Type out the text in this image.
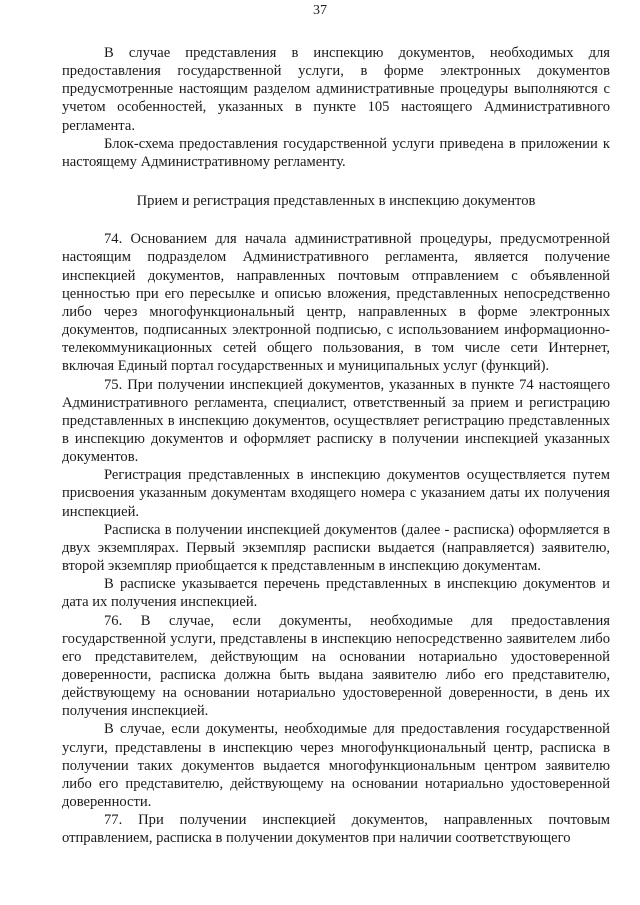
37

В случае представления в инспекцию документов, необходимых для предоставления государственной услуги, в форме электронных документов предусмотренные настоящим разделом административные процедуры выполняются с учетом особенностей, указанных в пункте 105 настоящего Административного регламента.

Блок-схема предоставления государственной услуги приведена в приложении к настоящему Административному регламенту.

Прием и регистрация представленных в инспекцию документов

74. Основанием для начала административной процедуры, предусмотренной настоящим подразделом Административного регламента, является получение инспекцией документов, направленных почтовым отправлением с объявленной ценностью при его пересылке и описью вложения, представленных непосредственно либо через многофункциональный центр, направленных в форме электронных документов, подписанных электронной подписью, с использованием информационно-телекоммуникационных сетей общего пользования, в том числе сети Интернет, включая Единый портал государственных и муниципальных услуг (функций).

75. При получении инспекцией документов, указанных в пункте 74 настоящего Административного регламента, специалист, ответственный за прием и регистрацию представленных в инспекцию документов, осуществляет регистрацию представленных в инспекцию документов и оформляет расписку в получении инспекцией указанных документов.

Регистрация представленных в инспекцию документов осуществляется путем присвоения указанным документам входящего номера с указанием даты их получения инспекцией.

Расписка в получении инспекцией документов (далее - расписка) оформляется в двух экземплярах. Первый экземпляр расписки выдается (направляется) заявителю, второй экземпляр приобщается к представленным в инспекцию документам.

В расписке указывается перечень представленных в инспекцию документов и дата их получения инспекцией.

76. В случае, если документы, необходимые для предоставления государственной услуги, представлены в инспекцию непосредственно заявителем либо его представителем, действующим на основании нотариально удостоверенной доверенности, расписка должна быть выдана заявителю либо его представителю, действующему на основании нотариально удостоверенной доверенности, в день их получения инспекцией.

В случае, если документы, необходимые для предоставления государственной услуги, представлены в инспекцию через многофункциональный центр, расписка в получении таких документов выдается многофункциональным центром заявителю либо его представителю, действующему на основании нотариально удостоверенной доверенности.

77. При получении инспекцией документов, направленных почтовым отправлением, расписка в получении документов при наличии соответствующего
